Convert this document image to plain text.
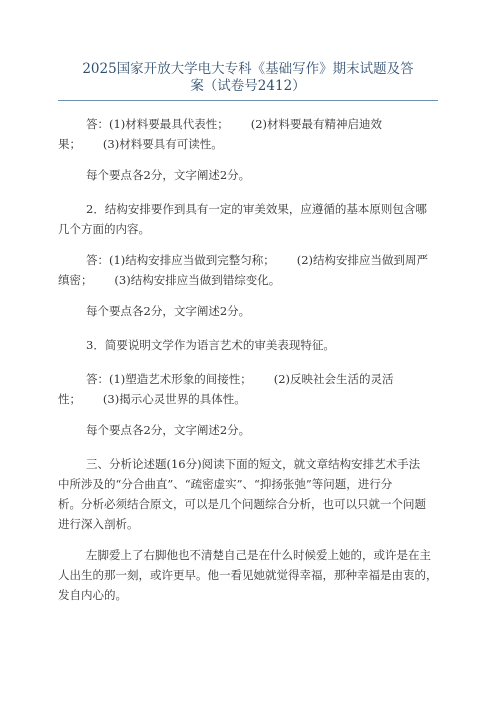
2025国家开放大学电大专科《基础写作》期末试题及答
案（试卷号2412）
答：(1)材料要最具代表性；      (2)材料要最有精神启迪效
果；      (3)材料要具有可读性。
每个要点各2分，文字阐述2分。
2．结构安排要作到具有一定的审美效果，应遵循的基本原则包含哪
几个方面的内容。
答：(1)结构安排应当做到完整匀称；      (2)结构安排应当做到周严
缜密；      (3)结构安排应当做到错综变化。
每个要点各2分，文字阐述2分。
3．简要说明文学作为语言艺术的审美表现特征。
答：(1)塑造艺术形象的间接性；      (2)反映社会生活的灵活
性；      (3)揭示心灵世界的具体性。
每个要点各2分，文字阐述2分。
三、分析论述题(16分)阅读下面的短文，就文章结构安排艺术手法
中所涉及的“分合曲直”、“疏密虚实”、“抑扬张弛”等问题，进行分
析。分析必须结合原文，可以是几个问题综合分析，也可以只就一个问题
进行深入剖析。
左脚爱上了右脚他也不清楚自己是在什么时候爱上她的，或许是在主
人出生的那一刻，或许更早。他一看见她就觉得幸福，那种幸福是由衷的，
发自内心的。
